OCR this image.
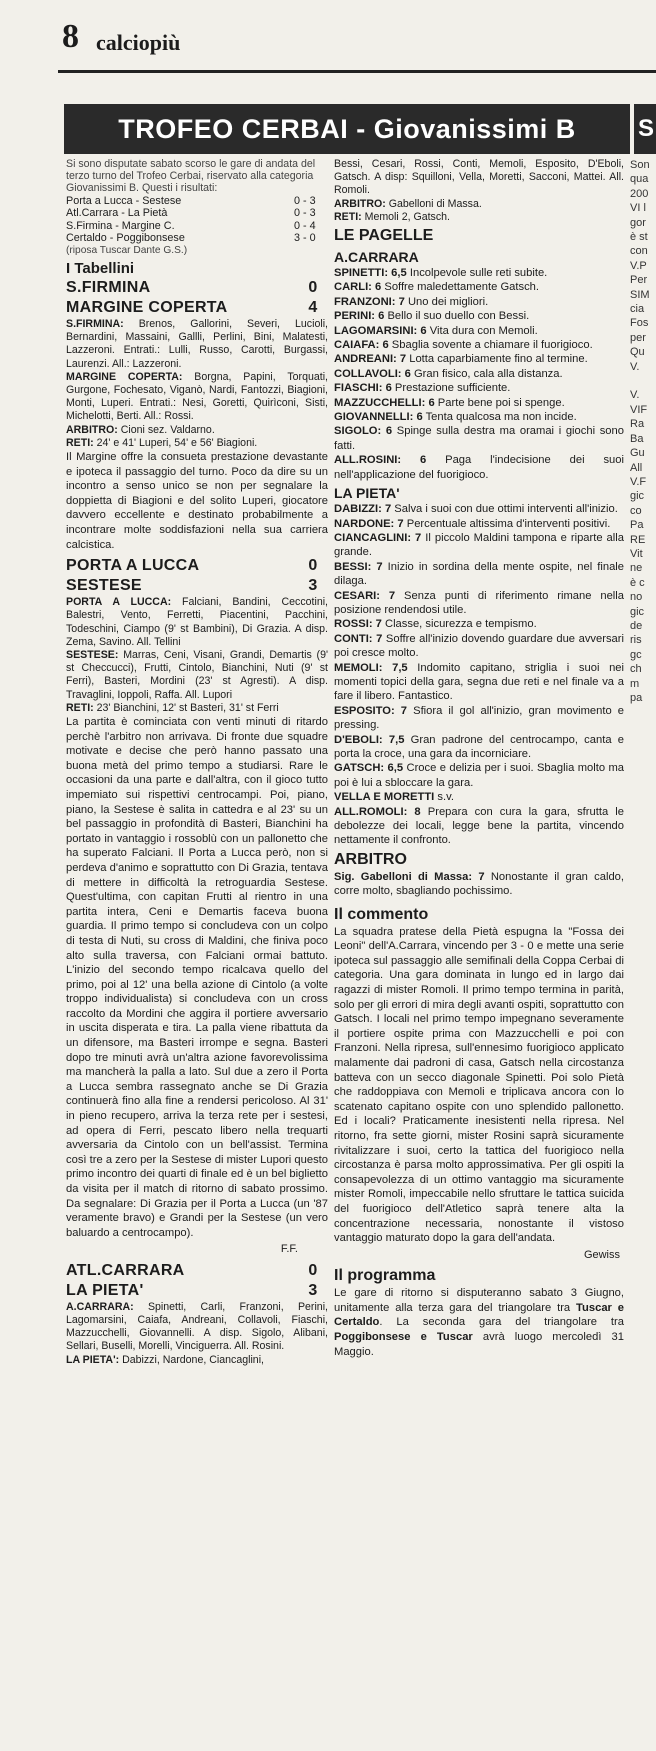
8 calciopiù
TROFEO CERBAI - Giovanissimi B	S
Si sono disputate sabato scorso le gare di andata del terzo turno del Trofeo Cerbai, riservato alla categoria Giovanissimi B. Questi i risultati:
Porta a Lucca - Sestese	0 - 3
Atl.Carrara - La Pietà	0 - 3
S.Firmina - Margine C.	0 - 4
Certaldo - Poggibonsese	3 - 0
(riposa Tuscar Dante G.S.)
I Tabellini
S.FIRMINA	0
MARGINE COPERTA	4
S.FIRMINA: Brenos, Gallorini, Severi, Lucioli, Bernardini, Massaini, Gallli, Perlini, Bini, Malatesti, Lazzeroni. Entrati.: Lulli, Russo, Carotti, Burgassi, Laurenzi. All.: Lazzeroni.
MARGINE COPERTA: Borgna, Papini, Torquati, Gurgone, Fochesato, Viganò, Nardi, Fantozzi, Biagioni, Monti, Luperi. Entrati.: Nesi, Goretti, Quirìconi, Sisti, Michelotti, Berti. All.: Rossi.
ARBITRO: Cioni sez. Valdarno.
RETI: 24' e 41' Luperi, 54' e 56' Biagioni.
Il Margine offre la consueta prestazione devastante e ipoteca il passaggio del turno. Poco da dire su un incontro a senso unico se non per segnalare la doppietta di Biagioni e del solito Luperi, giocatore davvero eccellente e destinato probabilmente a incontrare molte soddisfazioni nella sua carriera calcistica.
PORTA A LUCCA	0
SESTESE	3
PORTA A LUCCA: Falciani, Bandini, Ceccotini, Balestri, Vento, Ferretti, Piacentini, Pacchini, Todeschini, Ciampo (9' st Bambini), Di Grazia. A disp. Zema, Savino. All. Tellini
SESTESE: Marras, Ceni, Visani, Grandi, Demartis (9' st Checcucci), Frutti, Cintolo, Bianchini, Nuti (9' st Ferri), Basteri, Mordini (23' st Agresti). A disp. Travaglini, Ioppoli, Raffa. All. Lupori
RETI: 23' Bianchini, 12' st Basteri, 31' st Ferri
La partita è cominciata con venti minuti di ritardo perchè l'arbitro non arrivava. Di fronte due squadre motivate e decise che però hanno passato una buona metà del primo tempo a studiarsi. Rare le occasioni da una parte e dall'altra, con il gioco tutto impemiato sui rispettivi centrocampi. Poi, piano, piano, la Sestese è salita in cattedra e al 23' su un bel passaggio in profondità di Basteri, Bianchini ha portato in vantaggio i rossoblù con un pallonetto che ha superato Falciani. Il Porta a Lucca però, non si perdeva d'animo e soprattutto con Di Grazia, tentava di mettere in difficoltà la retroguardia Sestese. Quest'ultima, con capitan Frutti al rientro in una partita intera, Ceni e Demartis faceva buona guardia. Il primo tempo si concludeva con un colpo di testa di Nuti, su cross di Maldini, che finiva poco alto sulla traversa, con Falciani ormai battuto. L'inizio del secondo tempo ricalcava quello del primo, poi al 12' una bella azione di Cintolo (a volte troppo individualista) si concludeva con un cross raccolto da Mordini che aggira il portiere avversario in uscita disperata e tira. La palla viene ribattuta da un difensore, ma Basteri irrompe e segna. Basteri dopo tre minuti avrà un'altra azione favorevolissima ma mancherà la palla a lato. Sul due a zero il Porta a Lucca sembra rassegnato anche se Di Grazia continuerà fino alla fine a rendersi pericoloso. Al 31' in pieno recupero, arriva la terza rete per i sestesi, ad opera di Ferri, pescato libero nella trequarti avversaria da Cintolo con un bell'assist. Termina così tre a zero per la Sestese di mister Lupori questo primo incontro dei quarti di finale ed è un bel biglietto da visita per il match di ritorno di sabato prossimo. Da segnalare: Di Grazia per il Porta a Lucca (un '87 veramente bravo) e Grandi per la Sestese (un vero baluardo a centrocampo).
F.F.
ATL.CARRARA	0
LA PIETA'	3
A.CARRARA: Spinetti, Carli, Franzoni, Perini, Lagomarsini, Caiafa, Andreani, Collavoli, Fiaschi, Mazzucchelli, Giovannelli. A disp. Sigolo, Alibani, Sellari, Buselli, Morelli, Vinciguerra. All. Rosini.
LA PIETA': Dabizzi, Nardone, Ciancaglini,
Bessi, Cesari, Rossi, Conti, Memoli, Esposito, D'Eboli, Gatsch. A disp: Squilloni, Vella, Moretti, Sacconi, Mattei. All. Romoli.
ARBITRO: Gabelloni di Massa.
RETI: Memoli 2, Gatsch.
LE PAGELLE
A.CARRARA
SPINETTI: 6,5 Incolpevole sulle reti subite.
CARLI: 6 Soffre maledettamente Gatsch.
FRANZONI: 7 Uno dei migliori.
PERINI: 6 Bello il suo duello con Bessi.
LAGOMARSINI: 6 Vita dura con Memoli.
CAIAFA: 6 Sbaglia sovente a chiamare il fuorigioco.
ANDREANI: 7 Lotta caparbiamente fino al termine.
COLLAVOLI: 6 Gran fisico, cala alla distanza.
FIASCHI: 6 Prestazione sufficiente.
MAZZUCCHELLI: 6 Parte bene poi si spenge.
GIOVANNELLI: 6 Tenta qualcosa ma non incide.
SIGOLO: 6 Spinge sulla destra ma oramai i giochi sono fatti.
ALL.ROSINI: 6 Paga l'indecisione dei suoi nell'applicazione del fuorigioco.
LA PIETA'
DABIZZI: 7 Salva i suoi con due ottimi interventi all'inizio.
NARDONE: 7 Percentuale altissima d'interventi positivi.
CIANCAGLINI: 7 Il piccolo Maldini tampona e riparte alla grande.
BESSI: 7 Inizio in sordina della mente ospite, nel finale dilaga.
CESARI: 7 Senza punti di riferimento rimane nella posizione rendendosi utile.
ROSSI: 7 Classe, sicurezza e tempismo.
CONTI: 7 Soffre all'inizio dovendo guardare due avversari poi cresce molto.
MEMOLI: 7,5 Indomito capitano, striglia i suoi nei momenti topici della gara, segna due reti e nel finale va a fare il libero. Fantastico.
ESPOSITO: 7 Sfiora il gol all'inizio, gran movimento e pressing.
D'EBOLI: 7,5 Gran padrone del centrocampo, canta e porta la croce, una gara da incorniciare.
GATSCH: 6,5 Croce e delizia per i suoi. Sbaglia molto ma poi è lui a sbloccare la gara.
VELLA E MORETTI s.v.
ALL.ROMOLI: 8 Prepara con cura la gara, sfrutta le debolezze dei locali, legge bene la partita, vincendo nettamente il confronto.
ARBITRO
Sig. Gabelloni di Massa: 7 Nonostante il gran caldo, corre molto, sbagliando pochissimo.
Il commento
La squadra pratese della Pietà espugna la "Fossa dei Leoni" dell'A.Carrara, vincendo per 3 - 0 e mette una serie ipoteca sul passaggio alle semifinali della Coppa Cerbai di categoria. Una gara dominata in lungo ed in largo dai ragazzi di mister Romoli. Il primo tempo termina in parità, solo per gli errori di mira degli avanti ospiti, soprattutto con Gatsch. I locali nel primo tempo impegnano severamente il portiere ospite prima con Mazzucchelli e poi con Franzoni. Nella ripresa, sull'ennesimo fuorigioco applicato malamente dai padroni di casa, Gatsch nella circostanza batteva con un secco diagonale Spinetti. Poi solo Pietà che raddoppiava con Memoli e triplicava ancora con lo scatenato capitano ospite con uno splendido pallonetto. Ed i locali? Praticamente inesistenti nella ripresa. Nel ritorno, fra sette giorni, mister Rosini saprà sicuramente rivitalizzare i suoi, certo la tattica del fuorigioco nella circostanza è parsa molto approssimativa. Per gli ospiti la consapevolezza di un ottimo vantaggio ma sicuramente mister Romoli, impeccabile nello sfruttare le tattica suicida del fuorigioco dell'Atletico saprà tenere alta la concentrazione necessaria, nonostante il vistoso vantaggio maturato dopo la gara dell'andata.
Gewiss
Il programma
Le gare di ritorno si disputeranno sabato 3 Giugno, unitamente alla terza gara del triangolare tra Tuscar e Certaldo. La seconda gara del triangolare tra Poggibonsese e Tuscar avrà luogo mercoledì 31 Maggio.
Son
qua
200
VI l
gor
è st
con
V.P
Per
SIM
cia
Fos
per
Qu
V.
V.
VIF
Ra
Ba
Gu
All
V.F
gic
co
Pa
RE
Vit
ne
è c
no
gic
de
ris
gc
ch
m
pa
